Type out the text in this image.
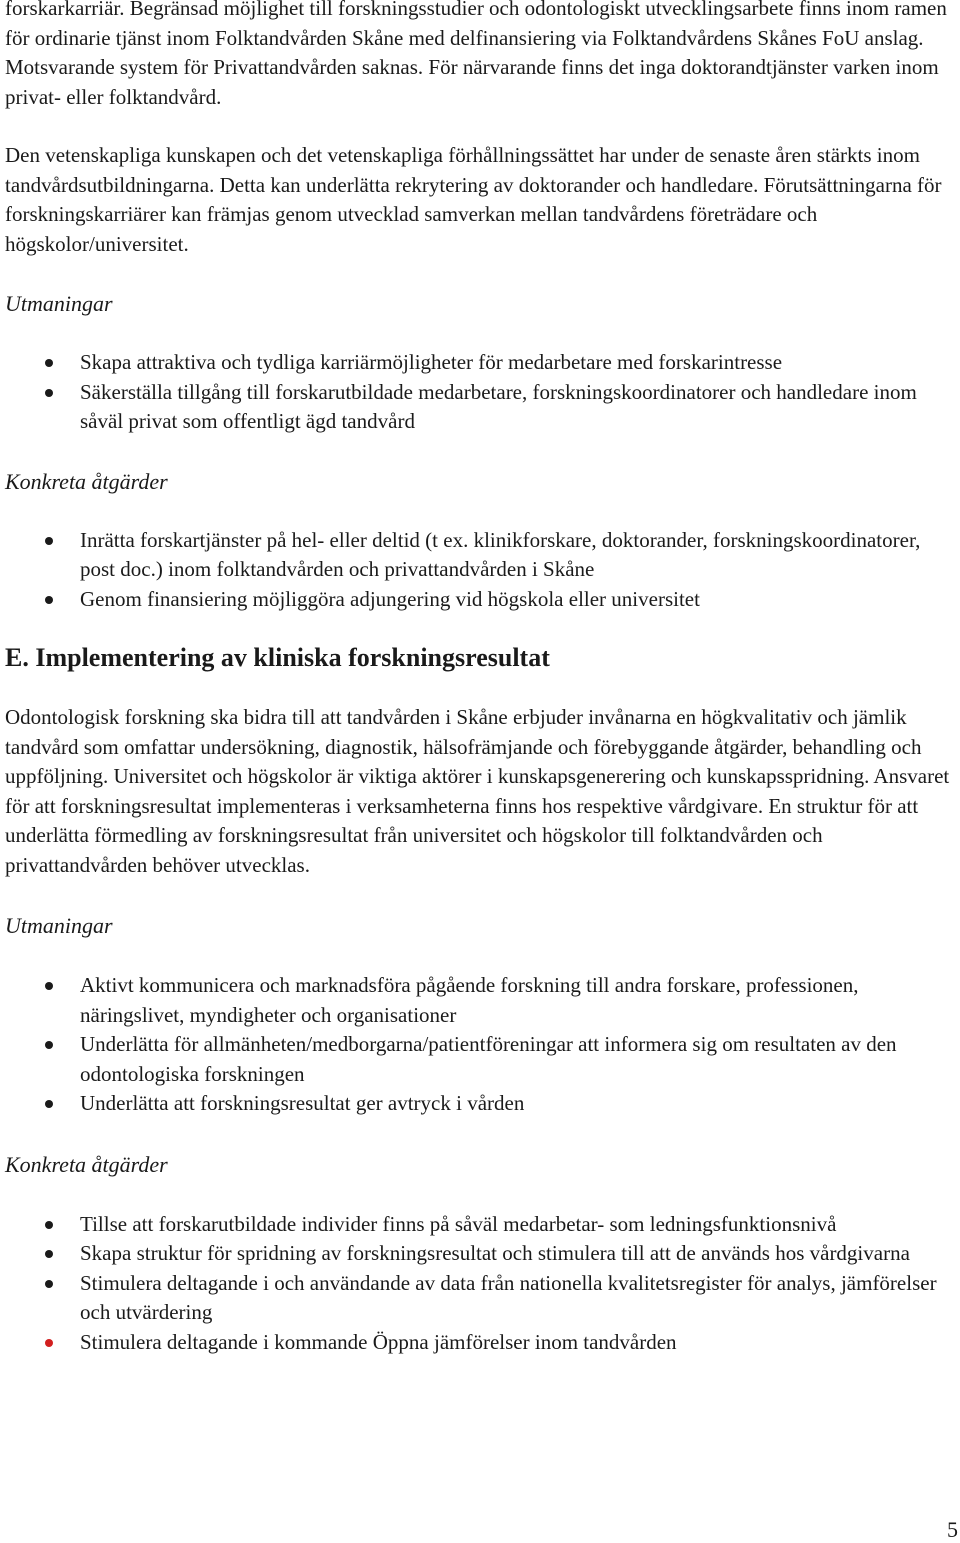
forskarkarriär. Begränsad möjlighet till forskningsstudier och odontologiskt utvecklingsarbete finns inom ramen för ordinarie tjänst inom Folktandvården Skåne med delfinansiering via Folktandvårdens Skånes FoU anslag. Motsvarande system för Privattandvården saknas. För närvarande finns det inga doktorandtjänster varken inom privat- eller folktandvård.

Den vetenskapliga kunskapen och det vetenskapliga förhållningssättet har under de senaste åren stärkts inom tandvårdsutbildningarna. Detta kan underlätta rekrytering av doktorander och handledare. Förutsättningarna för forskningskarriärer kan främjas genom utvecklad samverkan mellan tandvårdens företrädare och högskolor/universitet.

Utmaningar

Skapa attraktiva och tydliga karriärmöjligheter för medarbetare med forskarintresse
Säkerställa tillgång till forskarutbildade medarbetare, forskningskoordinatorer och handledare inom såväl privat som offentligt ägd tandvård

Konkreta åtgärder

Inrätta forskartjänster på hel- eller deltid (t ex. klinikforskare, doktorander, forskningskoordinatorer, post doc.) inom folktandvården och privattandvården i Skåne
Genom finansiering möjliggöra adjungering vid högskola eller universitet
E. Implementering av kliniska forskningsresultat

Odontologisk forskning ska bidra till att tandvården i Skåne erbjuder invånarna en högkvalitativ och jämlik tandvård som omfattar undersökning, diagnostik, hälsofrämjande och förebyggande åtgärder, behandling och uppföljning. Universitet och högskolor är viktiga aktörer i kunskapsgenerering och kunskapsspridning. Ansvaret för att forskningsresultat implementeras i verksamheterna finns hos respektive vårdgivare. En struktur för att underlätta förmedling av forskningsresultat från universitet och högskolor till folktandvården och privattandvården behöver utvecklas.

Utmaningar

Aktivt kommunicera och marknadsföra pågående forskning till andra forskare, professionen, näringslivet, myndigheter och organisationer
Underlätta för allmänheten/medborgarna/patientföreningar att informera sig om resultaten av den odontologiska forskningen
Underlätta att forskningsresultat ger avtryck i vården

Konkreta åtgärder

Tillse att forskarutbildade individer finns på såväl medarbetar- som ledningsfunktionsnivå
Skapa struktur för spridning av forskningsresultat och stimulera till att de används hos vårdgivarna
Stimulera deltagande i och användande av data från nationella kvalitetsregister för analys, jämförelser och utvärdering
Stimulera deltagande i kommande Öppna jämförelser inom tandvården
5
